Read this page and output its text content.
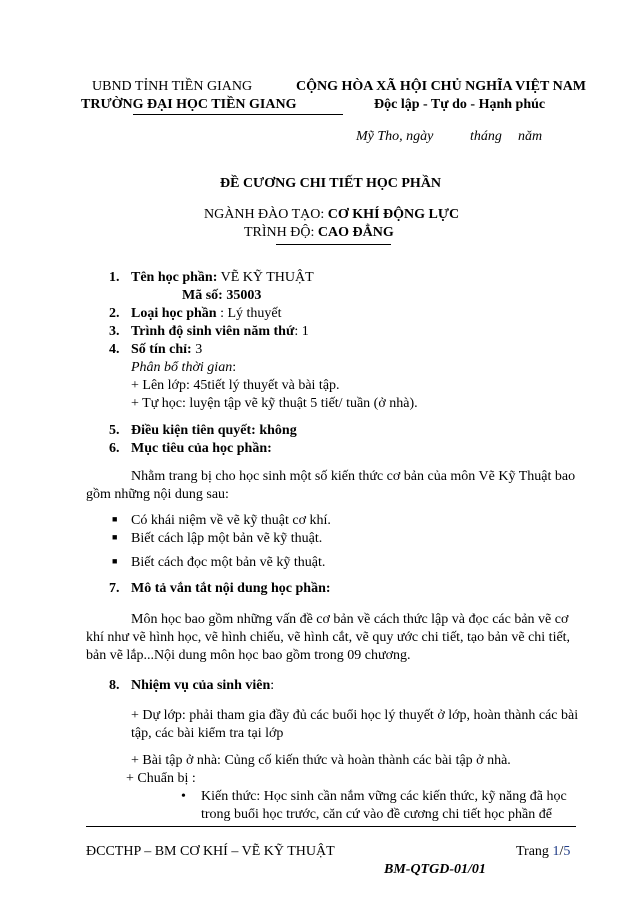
UBND TỈNH TIỀN GIANG
TRƯỜNG ĐẠI HỌC TIỀN GIANG
CỘNG HÒA XÃ HỘI CHỦ NGHĨA VIỆT NAM
Độc lập - Tự do - Hạnh phúc
Mỹ Tho, ngày	tháng năm
ĐỀ CƯƠNG CHI TIẾT HỌC PHẦN
NGÀNH ĐÀO TẠO: CƠ KHÍ ĐỘNG LỰC
TRÌNH ĐỘ: CAO ĐẲNG
1. Tên học phần: VẼ KỸ THUẬT
Mã số: 35003
2. Loại học phần : Lý thuyết
3. Trình độ sinh viên năm thứ: 1
4. Số tín chỉ: 3
Phân bổ thời gian:
+ Lên lớp: 45tiết lý thuyết và bài tập.
+ Tự học: luyện tập vẽ kỹ thuật 5 tiết/ tuần (ở nhà).
5. Điều kiện tiên quyết: không
6. Mục tiêu của học phần:
Nhằm trang bị cho học sinh một số kiến thức cơ bản của môn Vẽ Kỹ Thuật bao
gồm những nội dung sau:
■ Có khái niệm về vẽ kỹ thuật cơ khí.
■ Biết cách lập một bản vẽ kỹ thuật.
■ Biết cách đọc một bản vẽ kỹ thuật.
7. Mô tả vắn tắt nội dung học phần:
Môn học bao gồm những vấn đề cơ bản về cách thức lập và đọc các bản vẽ cơ
khí như vẽ hình học, vẽ hình chiếu, vẽ hình cắt, vẽ quy ước chi tiết, tạo bản vẽ chi tiết,
bản vẽ lắp...Nội dung môn học bao gồm trong 09 chương.
8. Nhiệm vụ của sinh viên:
+ Dự lớp: phải tham gia đầy đủ các buổi học lý thuyết ở lớp, hoàn thành các bài
tập, các bài kiểm tra tại lớp
+ Bài tập ở nhà: Củng cố kiến thức và hoàn thành các bài tập ở nhà.
+ Chuẩn bị :
• Kiến thức: Học sinh cần nắm vững các kiến thức, kỹ năng đã học
trong buổi học trước, căn cứ vào đề cương chi tiết học phần để
ĐCCTHP – BM CƠ KHÍ – VẼ KỸ THUẬT	Trang 1/5
BM-QTGD-01/01
